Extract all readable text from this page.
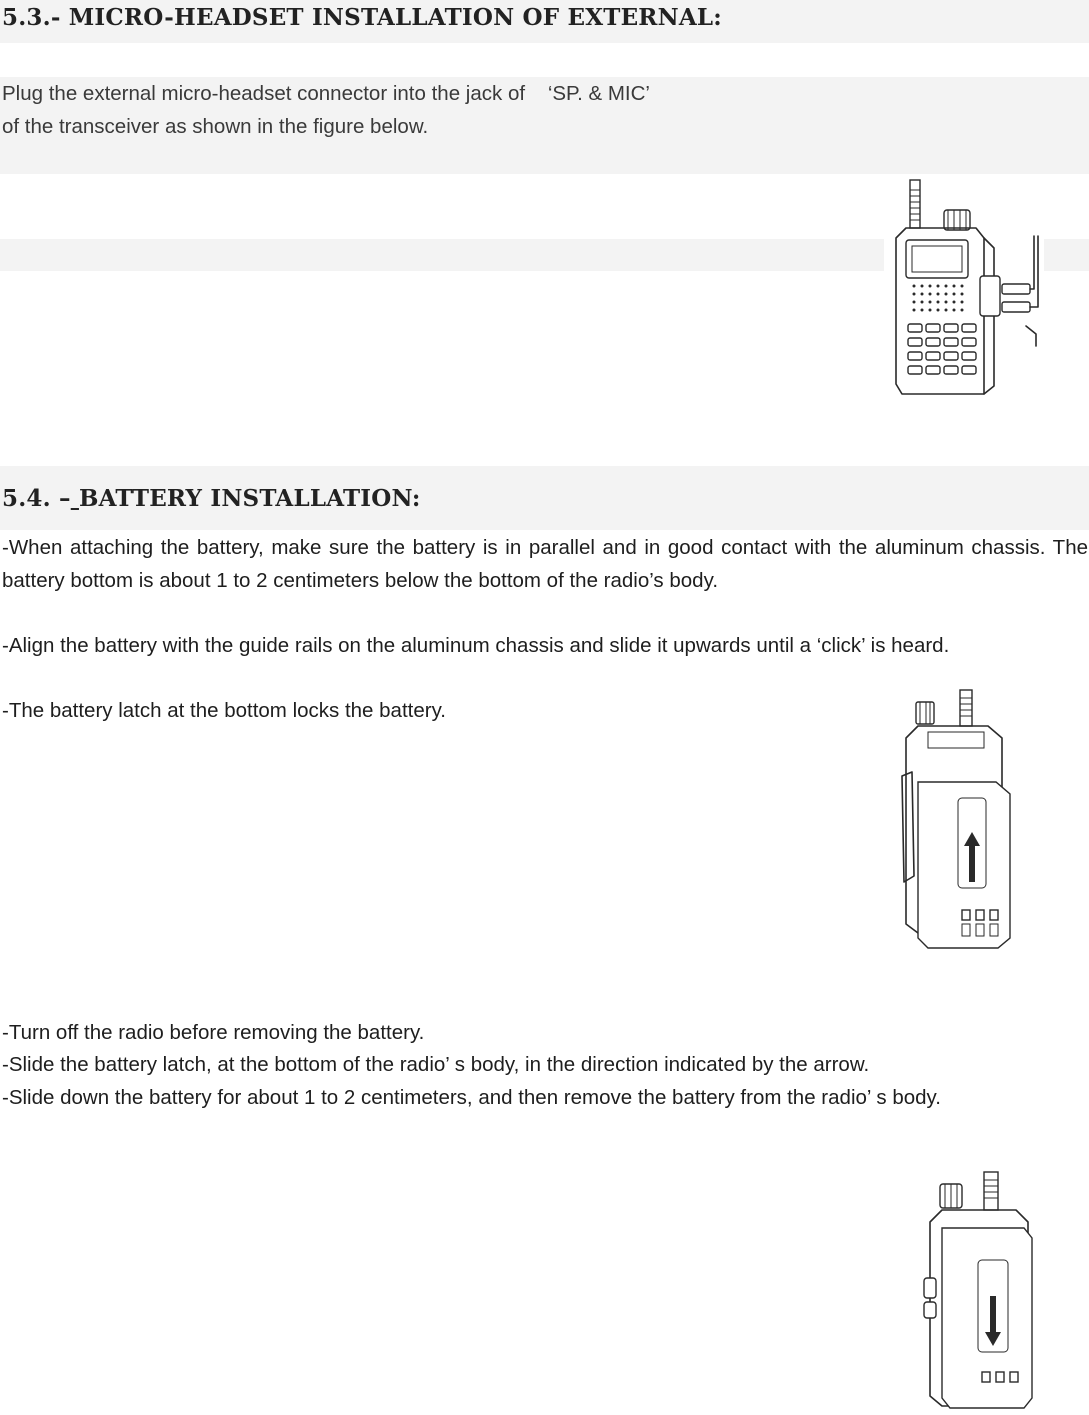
5.3.- MICRO-HEADSET INSTALLATION OF EXTERNAL:
Plug the external micro-headset connector into the jack of    ‘SP. & MIC’
of the transceiver as shown in the figure below.
5.4. – BATTERY INSTALLATION:

-When attaching the battery, make sure the battery is in parallel and in good contact with the aluminum chassis. The battery bottom is about 1 to 2 centimeters below the bottom of the radio’s body.

-Align the battery with the guide rails on the aluminum chassis and slide it upwards until a ‘click’ is heard.

-The battery latch at the bottom locks the battery.

-Turn off the radio before removing the battery.

-Slide the battery latch, at the bottom of the radio’ s body, in the direction indicated by the arrow.

-Slide down the battery for about 1 to 2 centimeters, and then remove the battery from the radio’ s body.
